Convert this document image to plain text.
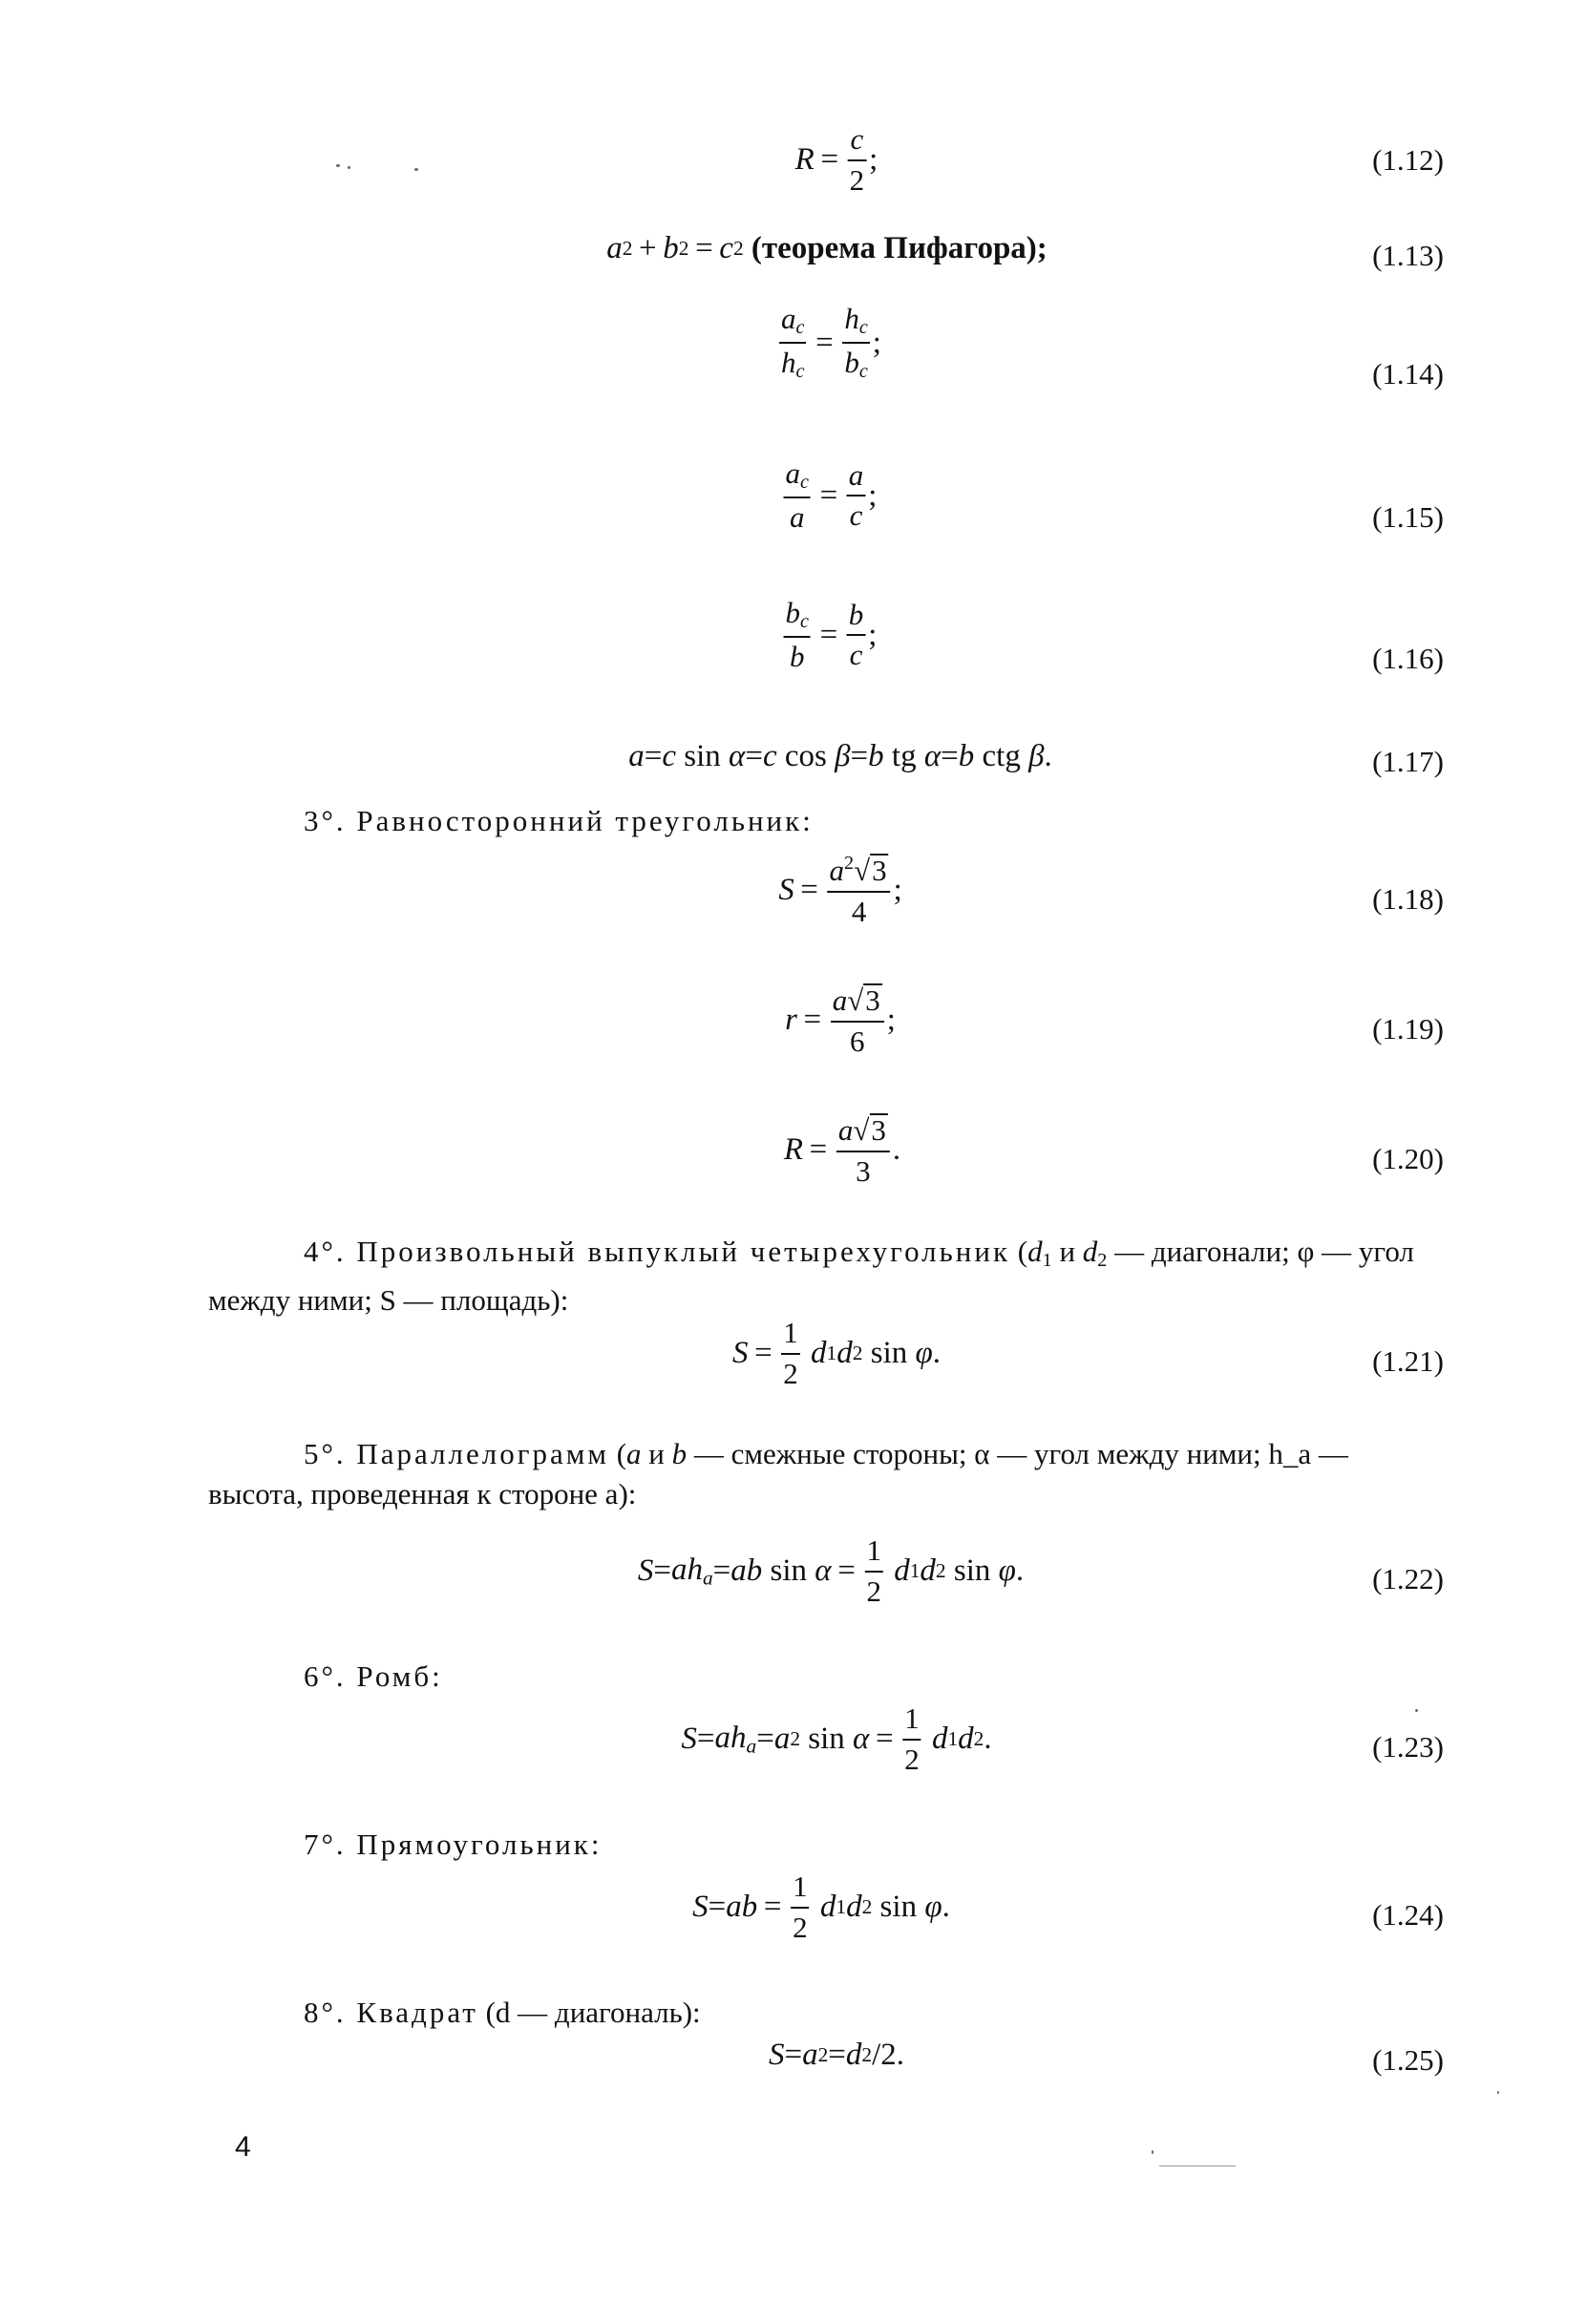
$R = \frac{c}{2}$ ;	(1.12)
a 2  +  b 2  =  c 2
(теорема Пифагора);	(1.13)
$\frac{a_c}{h_c} = \frac{h_c}{b_c}$ ;
(1.14)
$\frac{a_c}{a} = \frac{a}{c}$ ;
(1.15)
$\frac{b_c}{b} = \frac{b}{c}$ ;
(1.16)
a = c sin α = c cos β = b tg α = b ctg β .	(1.17)
3°. Равносторонний треугольник:
$S = \frac{a^2√ 3}{4}$ ;	(1.18)
$r = \frac{a√ 3}{6}$ ;	(1.19)
$R = \frac{a√ 3}{3}$ .	(1.20)
4°. Произвольный выпуклый четырехугольник ($d_1$ и $d_2$ — диагонали; φ — угол между ними; S — площадь):
$S = \frac{1}{2}$
d 1 d 2 sin φ .	(1.21)
5°. Параллелограмм (a и b — смежные стороны; α — угол между ними; h_a — высота, проведенная к стороне a):
$S = ah_a$ = ab $\sin \alpha = \frac{1}{2}$
d 1 d 2 sin φ .	(1.22)
6°. Ромб:
$S = ah_a = a$ 2 $\sin \alpha = \frac{1}{2}$
d 1 d 2 .	(1.23)
7°. Прямоугольник:
S = ab  =  $\frac{1}{2}$
d 1 d 2 sin φ .	(1.24)
8°. Квадрат (d — диагональ):
S = a 2 = d 2 /2.	(1.25)
4
